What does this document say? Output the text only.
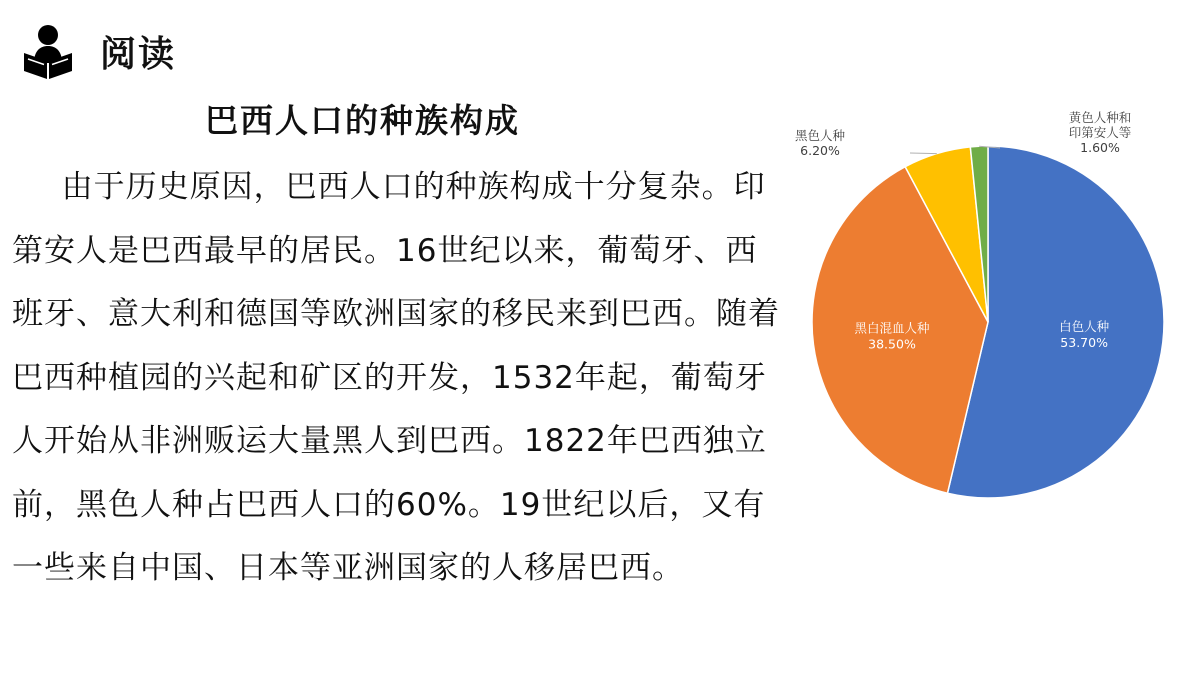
阅读
巴西人口的种族构成

由于历史原因，巴西人口的种族构成十分复杂。印第安人是巴西最早的居民。16世纪以来，葡萄牙、西班牙、意大利和德国等欧洲国家的移民来到巴西。随着巴西种植园的兴起和矿区的开发，1532年起，葡萄牙人开始从非洲贩运大量黑人到巴西。1822年巴西独立前，黑色人种占巴西人口的60%。19世纪以后，又有一些来自中国、日本等亚洲国家的人移居巴西。

白色人种 53.70%
黑白混血人种 38.50%
黑色人种 6.20%
黄色人种和印第安人等 1.60%
